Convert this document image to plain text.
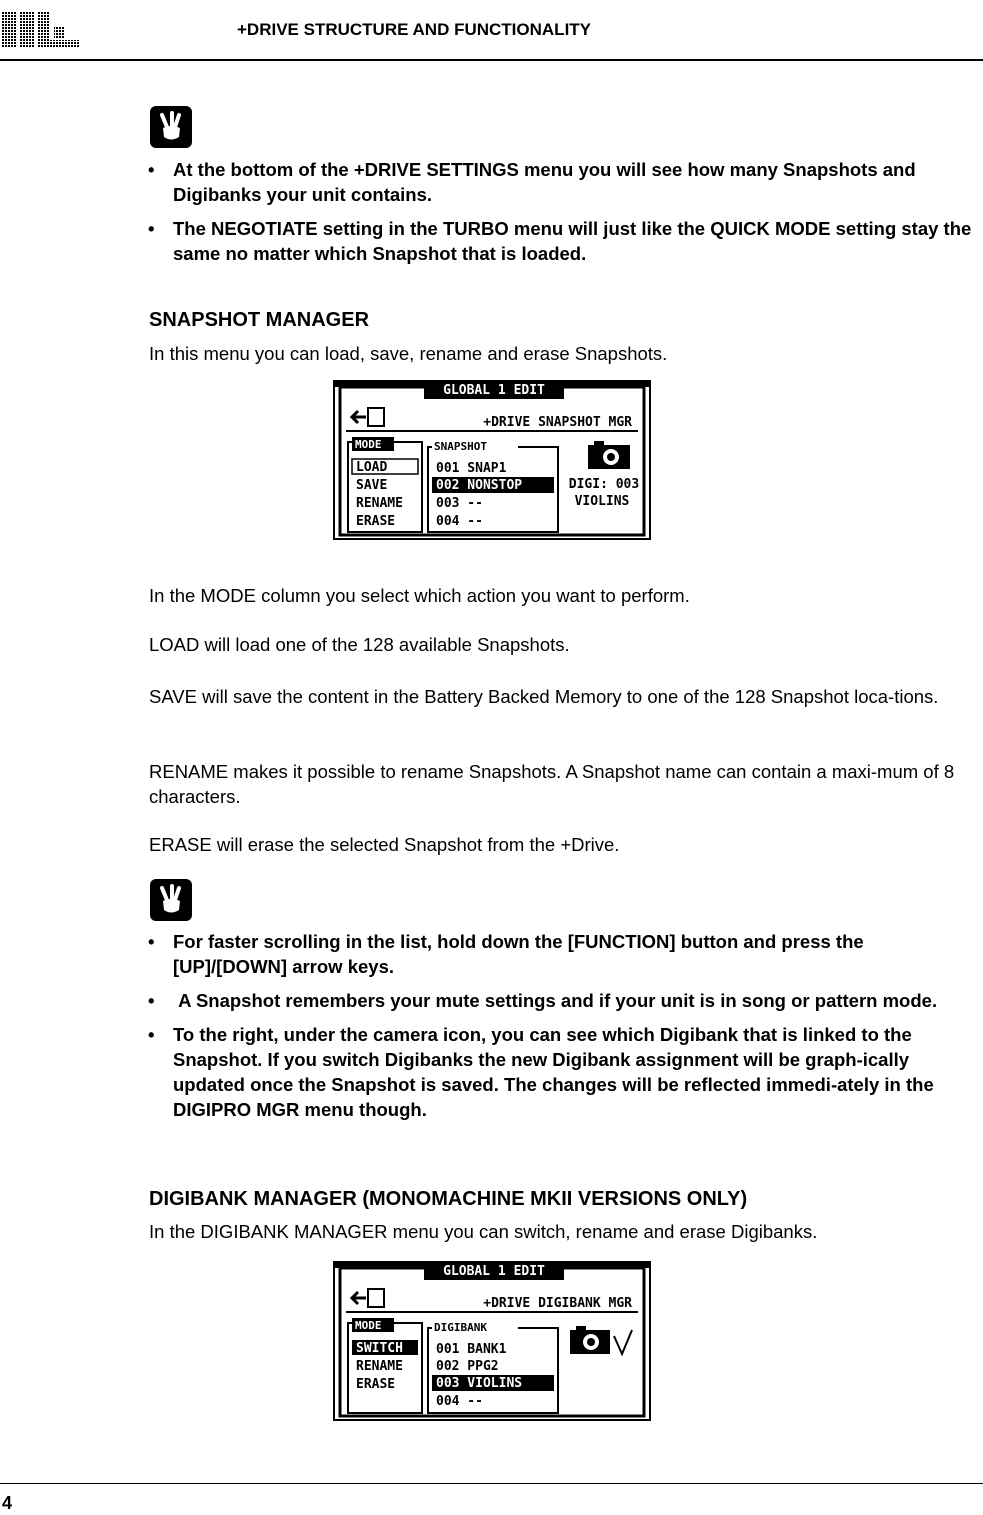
+DRIVE STRUCTURE AND FUNCTIONALITY
• At the bottom of the +DRIVE SETTINGS menu you will see how many Snapshots and Digibanks your unit contains.
• The NEGOTIATE setting in the TURBO menu will just like the QUICK MODE setting stay the same no matter which Snapshot that is loaded.
SNAPSHOT MANAGER

In this menu you can load, save, rename and erase Snapshots.

GLOBAL 1 EDIT
+DRIVE SNAPSHOT MGR
MODE
LOAD
SAVE
RENAME
ERASE
SNAPSHOT
001 SNAP1
002 NONSTOP
003 --
004 --
DIGI: 003
VIOLINS

In the MODE column you select which action you want to perform.

LOAD will load one of the 128 available Snapshots.

SAVE will save the content in the Battery Backed Memory to one of the 128 Snapshot loca-tions.

RENAME makes it possible to rename Snapshots. A Snapshot name can contain a maxi-mum of 8 characters.

ERASE will erase the selected Snapshot from the +Drive.

• For faster scrolling in the list, hold down the [FUNCTION] button and press the [UP]/[DOWN] arrow keys.
• A Snapshot remembers your mute settings and if your unit is in song or pattern mode.
• To the right, under the camera icon, you can see which Digibank that is linked to the Snapshot. If you switch Digibanks the new Digibank assignment will be graph-ically updated once the Snapshot is saved. The changes will be reflected immedi-ately in the DIGIPRO MGR menu though.
DIGIBANK MANAGER (MONOMACHINE MKII VERSIONS ONLY)

In the DIGIBANK MANAGER menu you can switch, rename and erase Digibanks.

GLOBAL 1 EDIT
+DRIVE DIGIBANK MGR
MODE
SWITCH
RENAME
ERASE
DIGIBANK
001 BANK1
002 PPG2
003 VIOLINS
004 --
4
